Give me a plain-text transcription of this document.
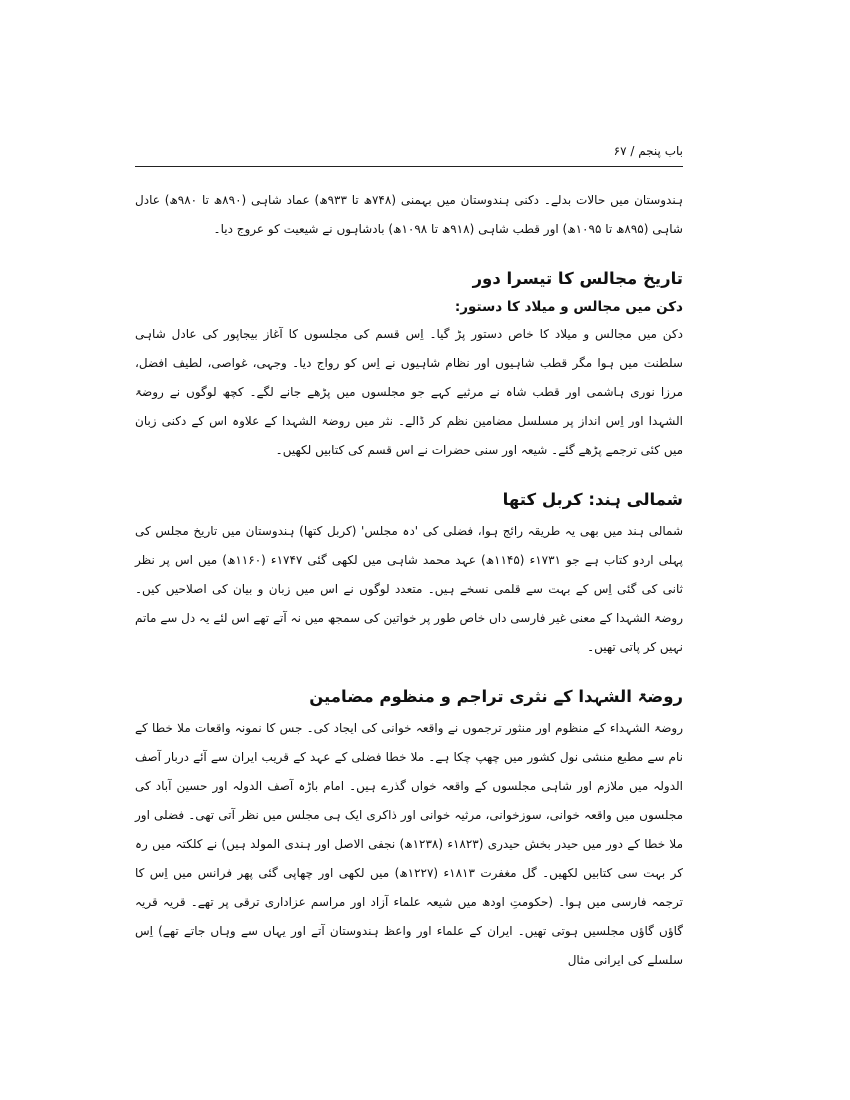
باب پنجم / ۶۷

ہندوستان میں حالات بدلے۔ دکنی ہندوستان میں بہمنی (۷۴۸ھ تا ۹۳۳ھ) عماد شاہی (۸۹۰ھ تا ۹۸۰ھ) عادل شاہی (۸۹۵ھ تا ۱۰۹۵ھ) اور قطب شاہی (۹۱۸ھ تا ۱۰۹۸ھ) بادشاہوں نے شیعیت کو عروج دیا۔

تاریخ مجالس کا تیسرا دور
دکن میں مجالس و میلاد کا دستور:

دکن میں مجالس و میلاد کا خاص دستور پڑ گیا۔ اِس قسم کی مجلسوں کا آغاز بیجاپور کی عادل شاہی سلطنت میں ہوا مگر قطب شاہیوں اور نظام شاہیوں نے اِس کو رواج دیا۔ وجہی، غواصی، لطیف افضل، مرزا نوری ہاشمی اور قطب شاہ نے مرثیے کہے جو مجلسوں میں پڑھے جانے لگے۔ کچھ لوگوں نے روضۃ الشہدا اور اِس انداز پر مسلسل مضامین نظم کر ڈالے۔ نثر میں روضۃ الشہدا کے علاوہ اس کے دکنی زبان میں کئی ترجمے پڑھے گئے۔ شیعہ اور سنی حضرات نے اس قسم کی کتابیں لکھیں۔

شمالی ہند: کربل کتھا

شمالی ہند میں بھی یہ طریقہ رائج ہوا، فضلی کی 'دہ مجلس' (کربل کتھا) ہندوستان میں تاریخ مجلس کی پہلی اردو کتاب ہے جو ۱۷۳۱ء (۱۱۴۵ھ) عہد محمد شاہی میں لکھی گئی ۱۷۴۷ء (۱۱۶۰ھ) میں اس پر نظر ثانی کی گئی اِس کے بہت سے قلمی نسخے ہیں۔ متعدد لوگوں نے اس میں زبان و بیان کی اصلاحیں کیں۔ روضۃ الشہدا کے معنی غیر فارسی داں خاص طور پر خواتین کی سمجھ میں نہ آتے تھے اس لئے یہ دل سے ماتم نہیں کر پاتی تھیں۔

روضۃ الشہدا کے نثری تراجم و منظوم مضامین

روضۃ الشہداء کے منظوم اور منثور ترجموں نے واقعہ خوانی کی ایجاد کی۔ جس کا نمونہ واقعات ملا خطا کے نام سے مطبع منشی نول کشور میں چھپ چکا ہے۔ ملا خطا فضلی کے عہد کے قریب ایران سے آئے دربار آصف الدولہ میں ملازم اور شاہی مجلسوں کے واقعہ خواں گذرے ہیں۔ امام باڑہ آصف الدولہ اور حسین آباد کی مجلسوں میں واقعہ خوانی، سوزخوانی، مرثیہ خوانی اور ذاکری ایک ہی مجلس میں نظر آتی تھی۔ فضلی اور ملا خطا کے دور میں حیدر بخش حیدری (۱۸۲۳ء (۱۲۳۸ھ) نجفی الاصل اور ہندی المولد ہیں) نے کلکتہ میں رہ کر بہت سی کتابیں لکھیں۔ گل مغفرت ۱۸۱۳ء (۱۲۲۷ھ) میں لکھی اور چھاپی گئی پھر فرانس میں اِس کا ترجمہ فارسی میں ہوا۔ (حکومتِ اودھ میں شیعہ علماء آزاد اور مراسم عزاداری ترقی پر تھے۔ قریہ قریہ گاؤں گاؤں مجلسیں ہوتی تھیں۔ ایران کے علماء اور واعظ ہندوستان آتے اور یہاں سے وہاں جاتے تھے) اِس سلسلے کی ایرانی مثال
